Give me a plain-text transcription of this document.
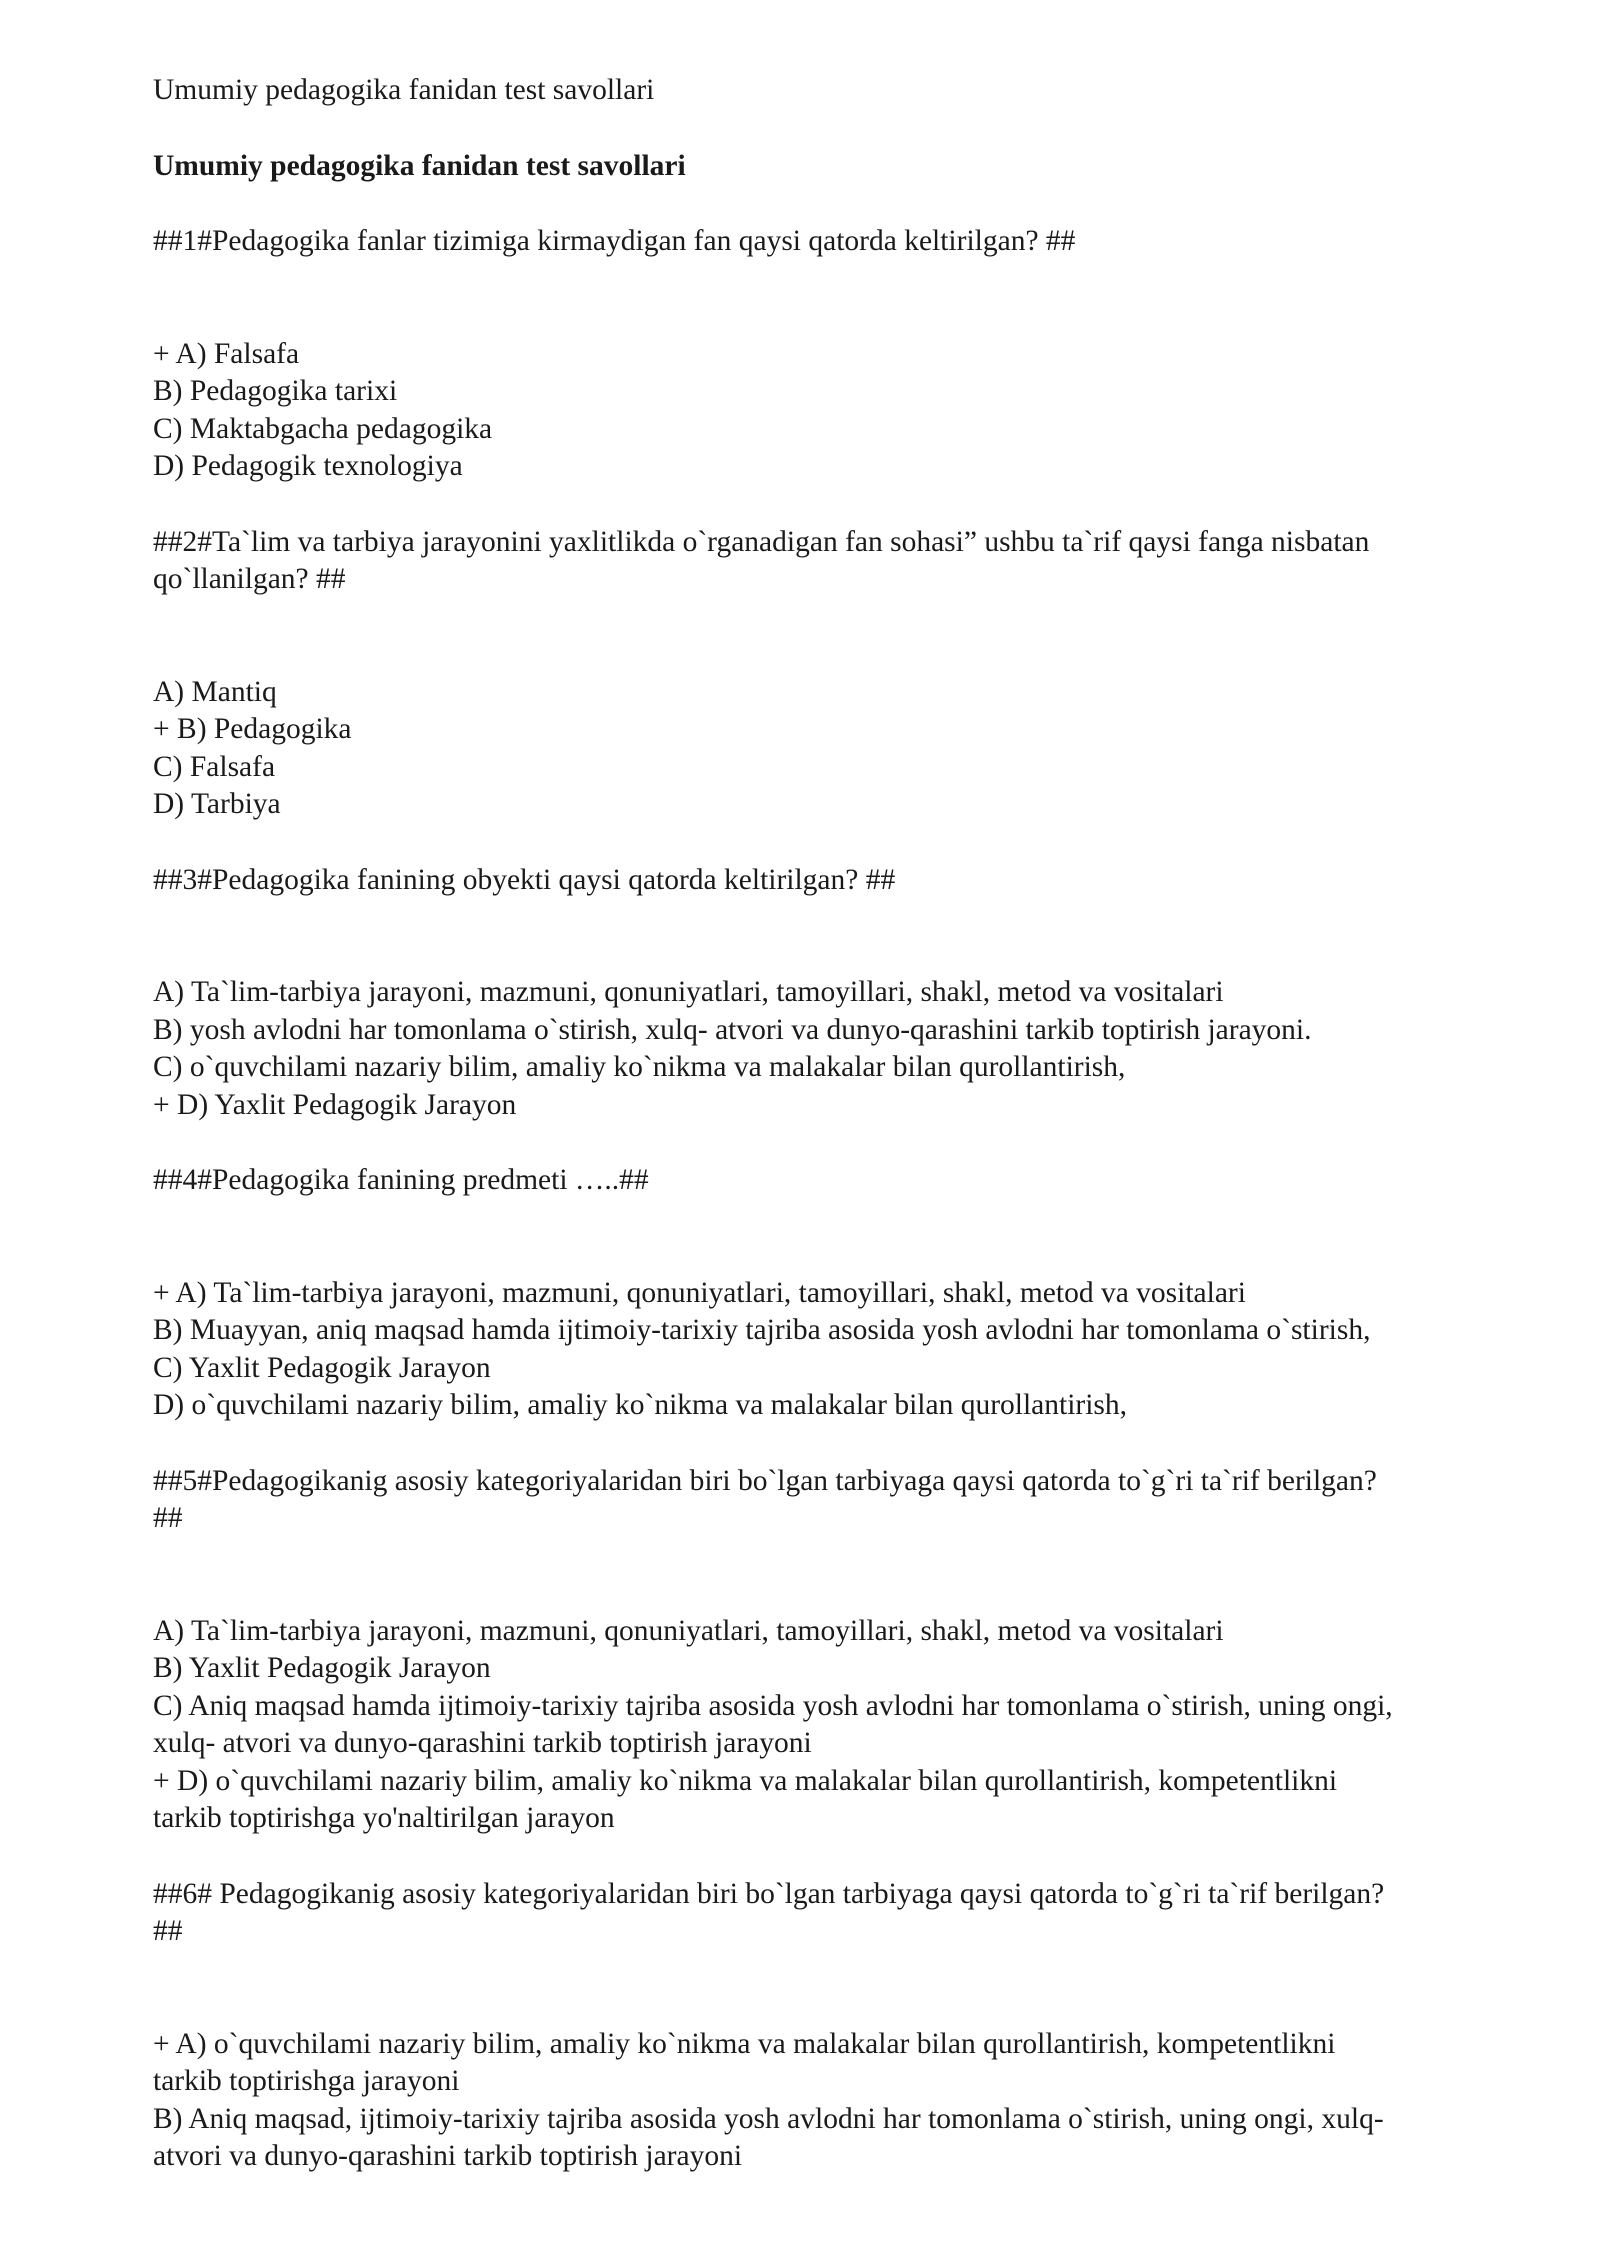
Umumiy pedagogika fanidan test savollari
Umumiy pedagogika fanidan test savollari
##1#Pedagogika fanlar tizimiga kirmaydigan fan qaysi qatorda keltirilgan? ##
+ A) Falsafa
B) Pedagogika tarixi
C) Maktabgacha pedagogika
D) Pedagogik texnologiya
##2#Ta`lim va tarbiya jarayonini yaxlitlikda o`rganadigan fan sohasi” ushbu ta`rif qaysi fanga nisbatan
qo`llanilgan? ##
A) Mantiq
+ B) Pedagogika
C) Falsafa
D) Tarbiya
##3#Pedagogika fanining obyekti qaysi qatorda keltirilgan? ##
A) Ta`lim-tarbiya jarayoni, mazmuni, qonuniyatlari, tamoyillari, shakl, metod va vositalari
B) yosh avlodni har tomonlama o`stirish, xulq- atvori va dunyo-qarashini tarkib toptirish jarayoni.
C) o`quvchilami nazariy bilim, amaliy ko`nikma va malakalar bilan qurollantirish,
+ D) Yaxlit Pedagogik Jarayon
##4#Pedagogika fanining predmeti …..##
+ A) Ta`lim-tarbiya jarayoni, mazmuni, qonuniyatlari, tamoyillari, shakl, metod va vositalari
B) Muayyan, aniq maqsad hamda ijtimoiy-tarixiy tajriba asosida yosh avlodni har tomonlama o`stirish,
C) Yaxlit Pedagogik Jarayon
D) o`quvchilami nazariy bilim, amaliy ko`nikma va malakalar bilan qurollantirish,
##5#Pedagogikanig asosiy kategoriyalaridan biri bo`lgan tarbiyaga qaysi qatorda to`g`ri ta`rif berilgan?
##
A) Ta`lim-tarbiya jarayoni, mazmuni, qonuniyatlari, tamoyillari, shakl, metod va vositalari
B) Yaxlit Pedagogik Jarayon
C) Aniq maqsad hamda ijtimoiy-tarixiy tajriba asosida yosh avlodni har tomonlama o`stirish, uning ongi,
xulq- atvori va dunyo-qarashini tarkib toptirish jarayoni
+ D) o`quvchilami nazariy bilim, amaliy ko`nikma va malakalar bilan qurollantirish, kompetentlikni
tarkib toptirishga yo'naltirilgan jarayon
##6# Pedagogikanig asosiy kategoriyalaridan biri bo`lgan tarbiyaga qaysi qatorda to`g`ri ta`rif berilgan?
##
+ A) o`quvchilami nazariy bilim, amaliy ko`nikma va malakalar bilan qurollantirish, kompetentlikni
tarkib toptirishga jarayoni
B) Aniq maqsad, ijtimoiy-tarixiy tajriba asosida yosh avlodni har tomonlama o`stirish, uning ongi, xulq-
atvori va dunyo-qarashini tarkib toptirish jarayoni
